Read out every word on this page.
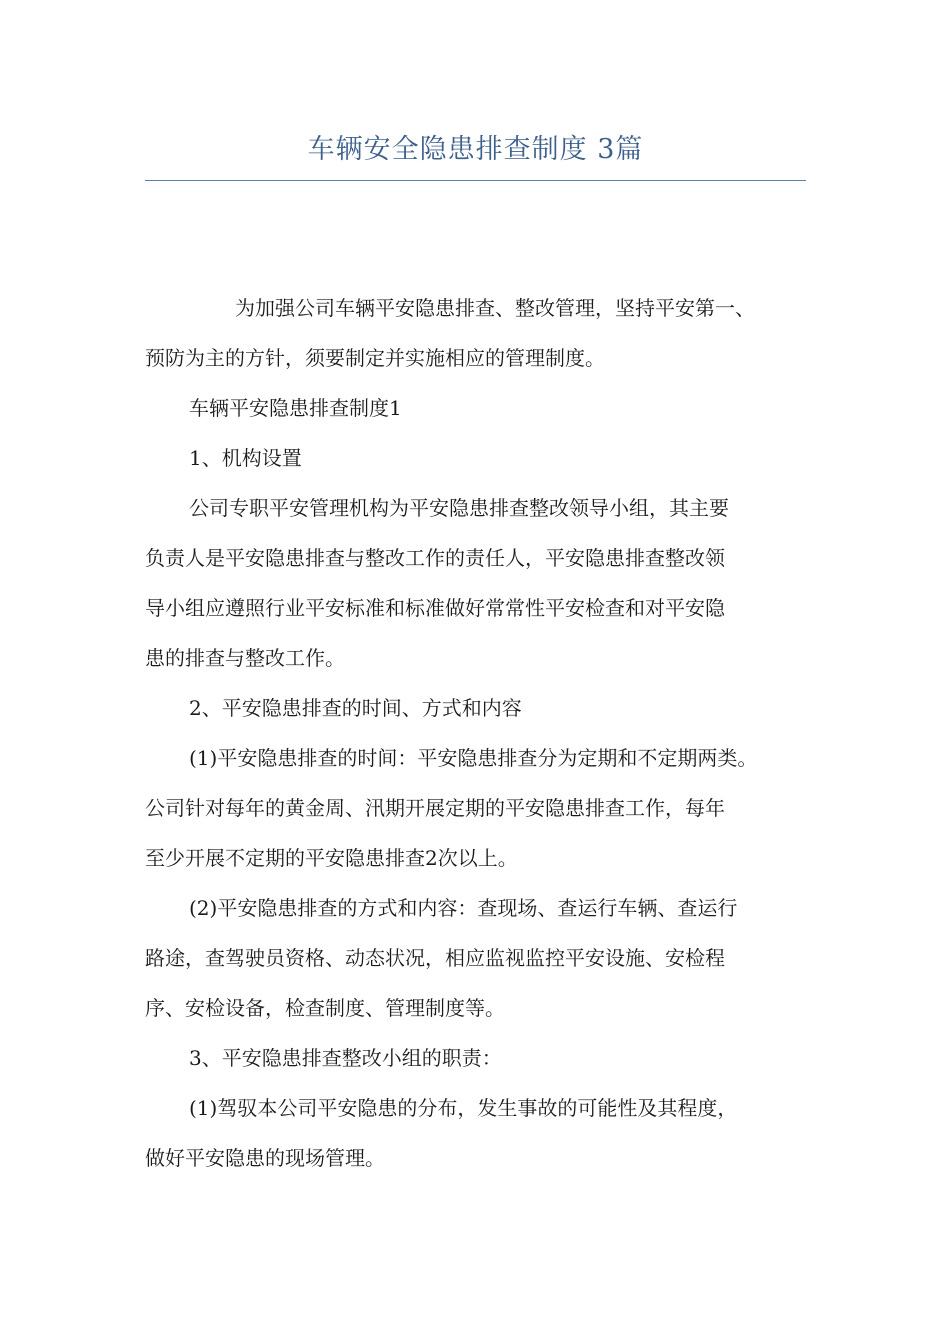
车辆安全隐患排查制度 3篇

为加强公司车辆平安隐患排查、整改管理，坚持平安第一、

预防为主的方针，须要制定并实施相应的管理制度。

车辆平安隐患排查制度1

1、机构设置

公司专职平安管理机构为平安隐患排查整改领导小组，其主要

负责人是平安隐患排查与整改工作的责任人，平安隐患排查整改领

导小组应遵照行业平安标准和标准做好常常性平安检查和对平安隐

患的排查与整改工作。

2、平安隐患排查的时间、方式和内容

(1)平安隐患排查的时间：平安隐患排查分为定期和不定期两类。

公司针对每年的黄金周、汛期开展定期的平安隐患排查工作，每年

至少开展不定期的平安隐患排查2次以上。

(2)平安隐患排查的方式和内容：查现场、查运行车辆、查运行

路途，查驾驶员资格、动态状况，相应监视监控平安设施、安检程

序、安检设备，检查制度、管理制度等。

3、平安隐患排查整改小组的职责：

(1)驾驭本公司平安隐患的分布，发生事故的可能性及其程度，

做好平安隐患的现场管理。
